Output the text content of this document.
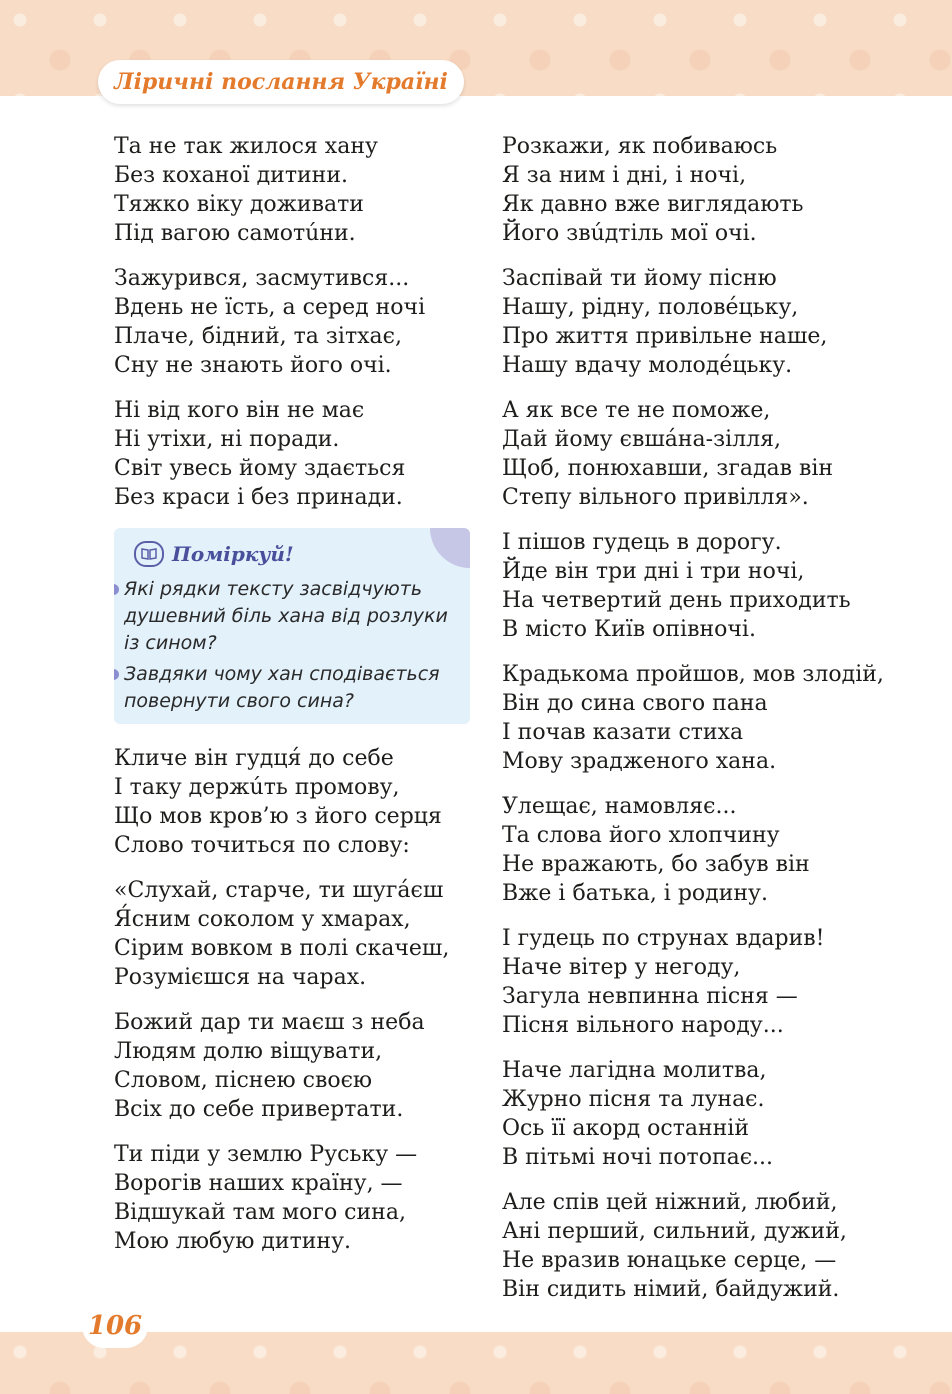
Ліричні послання Україні
Та не так жилося хану
Без коханої дитини.
Тяжко віку доживати
Під вагою самотúни.
Зажурився, засмутився...
Вдень не їсть, а серед ночі
Плаче, бідний, та зітхає,
Сну не знають його очі.
Ні від кого він не має
Ні утіхи, ні поради.
Світ увесь йому здається
Без краси і без принади.
Поміркуй!
Які рядки тексту засвідчують
душевний біль хана від розлуки
із сином?
Завдяки чому хан сподівається
повернути свого сина?
Кличе він гудця́ до себе
І таку держúть промову,
Що мов кров’ю з його серця
Слово точиться по слову:
«Слухай, старче, ти шуга́єш
Я́сним соколом у хмарах,
Сірим вовком в полі скачеш,
Розумієшся на чарах.
Божий дар ти маєш з неба
Людям долю віщувати,
Словом, піснею своєю
Всіх до себе привертати.
Ти піди у землю Руську —
Ворогів наших країну, —
Відшукай там мого сина,
Мою любую дитину.
Розкажи, як побиваюсь
Я за ним і дні, і ночі,
Як давно вже виглядають
Його звúдтіль мої очі.
Заспівай ти йому пісню
Нашу, рідну, полове́цьку,
Про життя привільне наше,
Нашу вдачу молоде́цьку.
А як все те не поможе,
Дай йому євша́на-зілля,
Щоб, понюхавши, згадав він
Степу вільного привілля».
І пішов гудець в дорогу.
Йде він три дні і три ночі,
На четвертий день приходить
В місто Київ опівночі.
Крадькома пройшов, мов злодій,
Він до сина свого пана
І почав казати стиха
Мову зрадженого хана.
Улещає, намовляє...
Та слова його хлопчину
Не вражають, бо забув він
Вже і батька, і родину.
І гудець по струнах вдарив!
Наче вітер у негоду,
Загула невпинна пісня —
Пісня вільного народу...
Наче лагідна молитва,
Журно пісня та лунає.
Ось її акорд останній
В пітьмі ночі потопає...
Але спів цей ніжний, любий,
Ані перший, сильний, дужий,
Не вразив юнацьке серце, —
Він сидить німий, байдужий.
106
